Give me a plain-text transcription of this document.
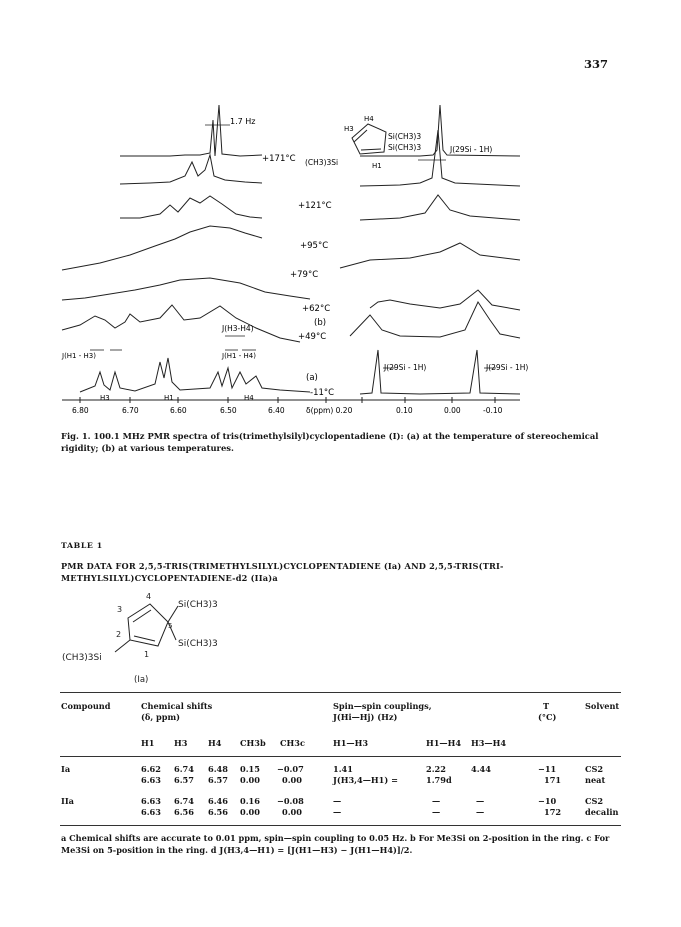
337
1.7 Hz
+171°C (CH3)3Si
H3
H4
H1
Si(CH3)3
Si(CH3)3	J(29Si - 1H)
+121°C
+95°C
+79°C
+62°C
(b)
+49°C
J(H3-H4)
J(H1 - H3)	J(H1 - H4)
(a)
J(29Si - 1H)	J(29Si - 1H)
-11°C
H3	H1	H4
6.80	6.70	6.60	6.50	6.40	δ(ppm) 0.20	0.10	0.00	-0.10
Fig. 1. 100.1 MHz PMR spectra of tris(trimethylsilyl)cyclopentadiene (I): (a) at the temperature of stereochemical rigidity; (b) at various temperatures.
TABLE 1
PMR DATA FOR 2,5,5-TRIS(TRIMETHYLSILYL)CYCLOPENTADIENE (Ia) AND 2,5,5-TRIS(TRI-METHYLSILYL)CYCLOPENTADIENE-d2 (IIa)a
4
3
2
1
5
Si(CH3)3
Si(CH3)3
(CH3)3Si
(Ia)
Compound	Chemical shifts
(δ, ppm)
Spin—spin couplings,
J(Hi—Hj) (Hz)
T
(°C)
Solvent
H1 H3	H4 CH3b CH3c	H1—H3	H1—H4 H3—H4
Ia	6.62 6.74 6.48 0.15 −0.07	1.41	2.22	4.44	−11	CS2
6.63 6.57 6.57 0.00	0.00	J(H3,4—H1) =	1.79d	171	neat
IIa	6.63 6.74 6.46 0.16 −0.08	—	—	—	−10	CS2
6.63 6.56 6.56 0.00	0.00	—	—	—	172	decalin
a Chemical shifts are accurate to 0.01 ppm, spin—spin coupling to 0.05 Hz. b For Me3Si on 2-position in the ring. c For Me3Si on 5-position in the ring. d J(H3,4—H1) = [J(H1—H3) − J(H1—H4)]/2.
